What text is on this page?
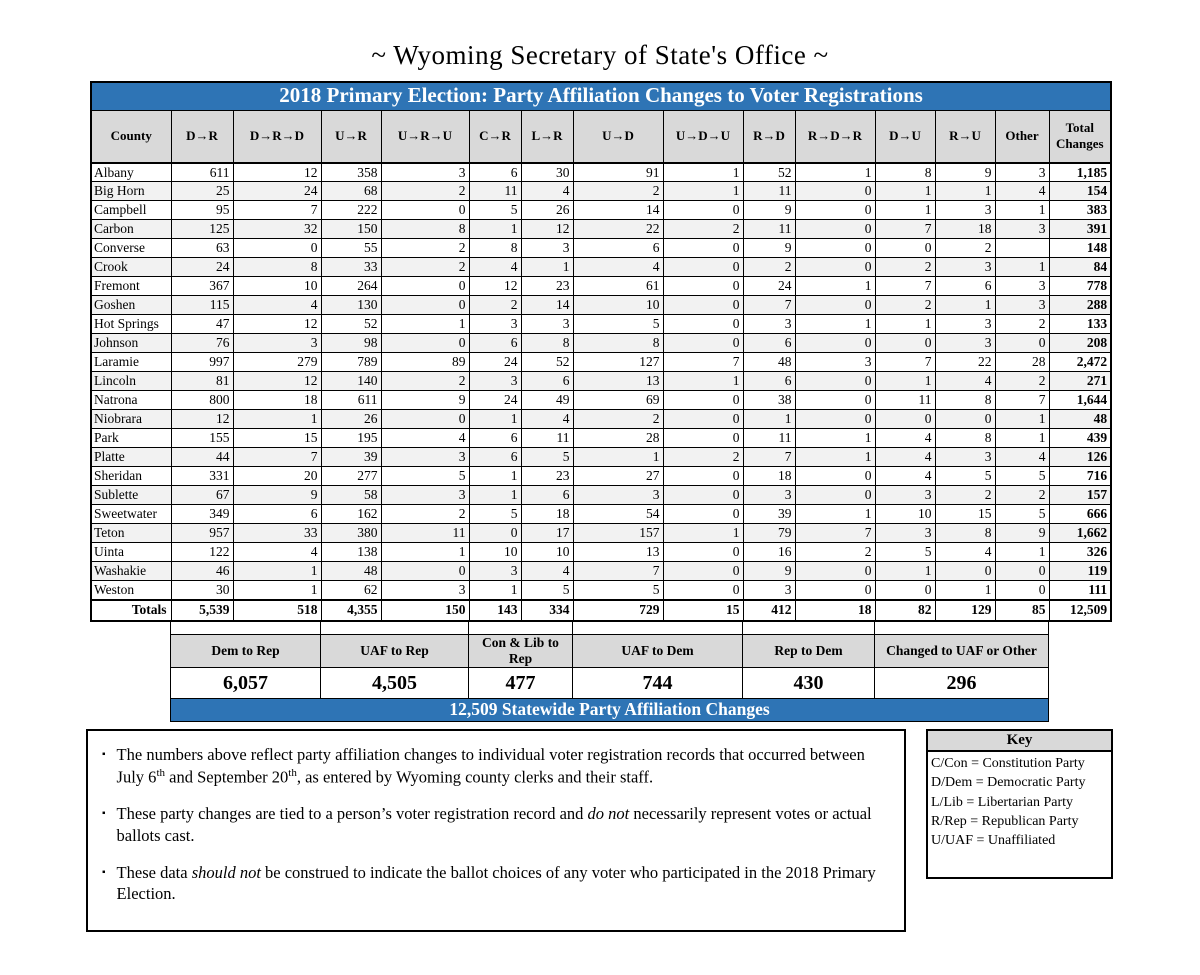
~ Wyoming Secretary of State's Office ~
2018 Primary Election: Party Affiliation Changes to Voter Registrations														
County	D→R	D→R→D	U→R	U→R→U	C→R	L→R	U→D	U→D→U	R→D	R→D→R	D→U	R→U	Other	Total Changes
Albany	611	12	358	3	6	30	91	1	52	1	8	9	3	1,185
Big Horn	25	24	68	2	11	4	2	1	11	0	1	1	4	154
Campbell	95	7	222	0	5	26	14	0	9	0	1	3	1	383
Carbon	125	32	150	8	1	12	22	2	11	0	7	18	3	391
Converse	63	0	55	2	8	3	6	0	9	0	0	2		148
Crook	24	8	33	2	4	1	4	0	2	0	2	3	1	84
Fremont	367	10	264	0	12	23	61	0	24	1	7	6	3	778
Goshen	115	4	130	0	2	14	10	0	7	0	2	1	3	288
Hot Springs	47	12	52	1	3	3	5	0	3	1	1	3	2	133
Johnson	76	3	98	0	6	8	8	0	6	0	0	3	0	208
Laramie	997	279	789	89	24	52	127	7	48	3	7	22	28	2,472
Lincoln	81	12	140	2	3	6	13	1	6	0	1	4	2	271
Natrona	800	18	611	9	24	49	69	0	38	0	11	8	7	1,644
Niobrara	12	1	26	0	1	4	2	0	1	0	0	0	1	48
Park	155	15	195	4	6	11	28	0	11	1	4	8	1	439
Platte	44	7	39	3	6	5	1	2	7	1	4	3	4	126
Sheridan	331	20	277	5	1	23	27	0	18	0	4	5	5	716
Sublette	67	9	58	3	1	6	3	0	3	0	3	2	2	157
Sweetwater	349	6	162	2	5	18	54	0	39	1	10	15	5	666
Teton	957	33	380	11	0	17	157	1	79	7	3	8	9	1,662
Uinta	122	4	138	1	10	10	13	0	16	2	5	4	1	326
Washakie	46	1	48	0	3	4	7	0	9	0	1	0	0	119
Weston	30	1	62	3	1	5	5	0	3	0	0	1	0	111
Totals	5,539	518	4,355	150	143	334	729	15	412	18	82	129	85	12,509

Dem to Rep	UAF to Rep	Con & Lib to Rep	UAF to Dem	Rep to Dem	Changed to UAF or Other
6,057	4,505	477	744	430	296
12,509 Statewide Party Affiliation Changes					
▪ The numbers above reflect party affiliation changes to individual voter registration records that occurred between July 6th and September 20th, as entered by Wyoming county clerks and their staff.
▪ These party changes are tied to a person’s voter registration record and do not necessarily represent votes or actual ballots cast.
▪ These data should not be construed to indicate the ballot choices of any voter who participated in the 2018 Primary Election.
Key
C/Con = Constitution Party
D/Dem = Democratic Party
L/Lib = Libertarian Party
R/Rep = Republican Party
U/UAF = Unaffiliated
